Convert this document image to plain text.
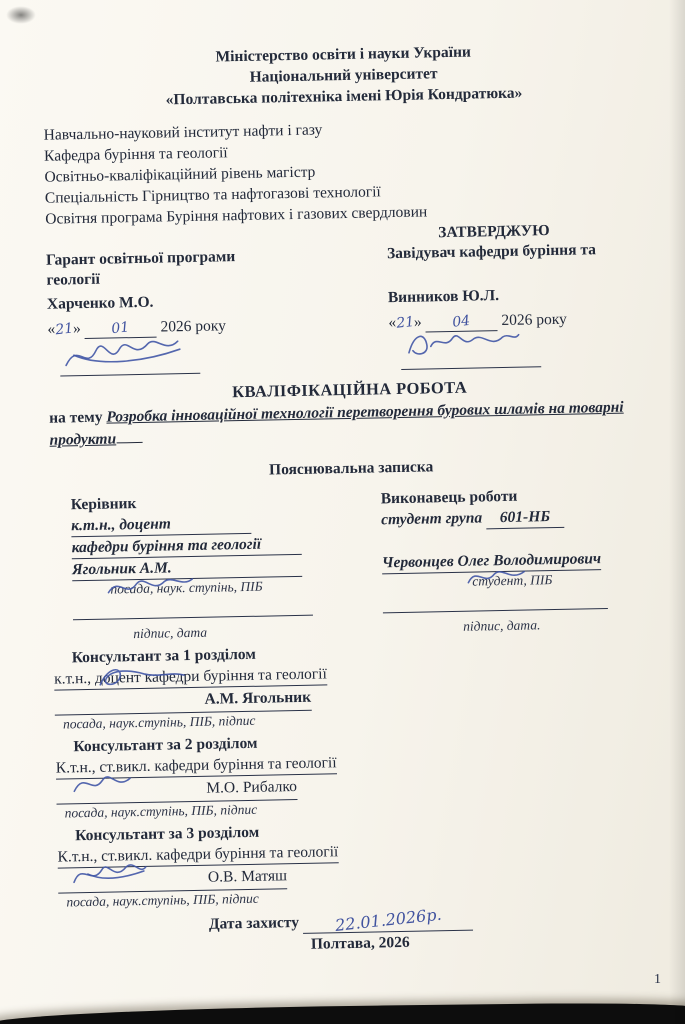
Міністерство освіти і науки України
Національний університет
«Полтавська політехніка імені Юрія Кондратюка»
Навчально-науковий інститут нафти і газу
Кафедра буріння та геології
Освітньо-кваліфікаційний рівень магістр
Спеціальність Гірництво та нафтогазові технології
Освітня програма Буріння нафтових і газових свердловин
ЗАТВЕРДЖУЮ
Гарант освітньої програми
геології
Харченко М.О.
«21» 01 2026 року
Завідувач кафедри буріння та
Винников Ю.Л.
«21» 04 2026 року
КВАЛІФІКАЦІЙНА РОБОТА
на тему Розробка інноваційної технології перетворення бурових шламів на товарні продукти
Пояснювальна записка
Керівник
к.т.н., доцент
кафедри буріння та геології
Ягольник А.М.
посада, наук. ступінь, ПІБ
підпис, дата
Виконавець роботи
студент група 601-НБ
Червонцев Олег Володимирович
студент, ПІБ
підпис, дата.
Консультант за 1 розділом
к.т.н., доцент кафедри буріння та геології
А.М. Ягольник
посада, наук.ступінь, ПІБ, підпис
Консультант за 2 розділом
К.т.н., ст.викл. кафедри буріння та геології
М.О. Рибалко
посада, наук.ступінь, ПІБ, підпис
Консультант за 3 розділом
К.т.н., ст.викл. кафедри буріння та геології
О.В. Матяш
посада, наук.ступінь, ПІБ, підпис
Дата захисту 22.01.2026р.
Полтава, 2026
1
